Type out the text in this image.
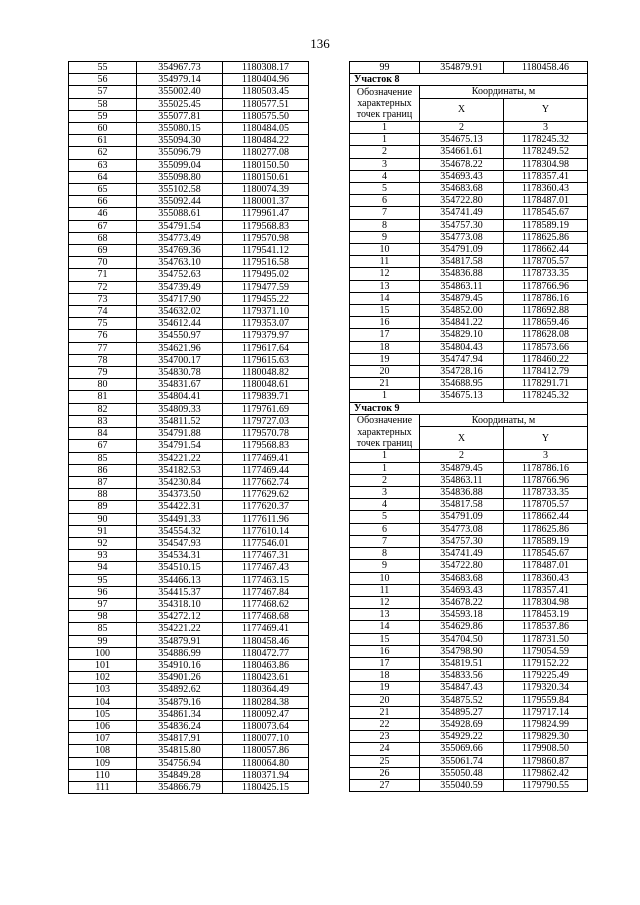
136
55	354967.73	1180308.17
56	354979.14	1180404.96
57	355002.40	1180503.45
58	355025.45	1180577.51
59	355077.81	1180575.50
60	355080.15	1180484.05
61	355094.30	1180484.22
62	355096.79	1180277.08
63	355099.04	1180150.50
64	355098.80	1180150.61
65	355102.58	1180074.39
66	355092.44	1180001.37
46	355088.61	1179961.47
67	354791.54	1179568.83
68	354773.49	1179570.98
69	354769.36	1179541.12
70	354763.10	1179516.58
71	354752.63	1179495.02
72	354739.49	1179477.59
73	354717.90	1179455.22
74	354632.02	1179371.10
75	354612.44	1179353.07
76	354550.97	1179379.97
77	354621.96	1179617.64
78	354700.17	1179615.63
79	354830.78	1180048.82
80	354831.67	1180048.61
81	354804.41	1179839.71
82	354809.33	1179761.69
83	354811.52	1179727.03
84	354791.88	1179570.78
67	354791.54	1179568.83
85	354221.22	1177469.41
86	354182.53	1177469.44
87	354230.84	1177662.74
88	354373.50	1177629.62
89	354422.31	1177620.37
90	354491.33	1177611.96
91	354554.32	1177610.14
92	354547.93	1177546.01
93	354534.31	1177467.31
94	354510.15	1177467.43
95	354466.13	1177463.15
96	354415.37	1177467.84
97	354318.10	1177468.62
98	354272.12	1177468.68
85	354221.22	1177469.41
99	354879.91	1180458.46
100	354886.99	1180472.77
101	354910.16	1180463.86
102	354901.26	1180423.61
103	354892.62	1180364.49
104	354879.16	1180284.38
105	354861.34	1180092.47
106	354836.24	1180073.64
107	354817.91	1180077.10
108	354815.80	1180057.86
109	354756.94	1180064.80
110	354849.28	1180371.94
111	354866.79	1180425.15
99	354879.91	1180458.46
Участок 8		
Обозначение характерных точек границ	Координаты, м	
	X	Y
1	2	3
1	354675.13	1178245.32
2	354661.61	1178249.52
3	354678.22	1178304.98
4	354693.43	1178357.41
5	354683.68	1178360.43
6	354722.80	1178487.01
7	354741.49	1178545.67
8	354757.30	1178589.19
9	354773.08	1178625.86
10	354791.09	1178662.44
11	354817.58	1178705.57
12	354836.88	1178733.35
13	354863.11	1178766.96
14	354879.45	1178786.16
15	354852.00	1178692.88
16	354841.22	1178659.46
17	354829.10	1178628.08
18	354804.43	1178573.66
19	354747.94	1178460.22
20	354728.16	1178412.79
21	354688.95	1178291.71
1	354675.13	1178245.32
Участок 9		
Обозначение характерных точек границ	Координаты, м	
	X	Y
1	2	3
1	354879.45	1178786.16
2	354863.11	1178766.96
3	354836.88	1178733.35
4	354817.58	1178705.57
5	354791.09	1178662.44
6	354773.08	1178625.86
7	354757.30	1178589.19
8	354741.49	1178545.67
9	354722.80	1178487.01
10	354683.68	1178360.43
11	354693.43	1178357.41
12	354678.22	1178304.98
13	354593.18	1178453.19
14	354629.86	1178537.86
15	354704.50	1178731.50
16	354798.90	1179054.59
17	354819.51	1179152.22
18	354833.56	1179225.49
19	354847.43	1179320.34
20	354875.52	1179559.84
21	354895.27	1179717.14
22	354928.69	1179824.99
23	354929.22	1179829.30
24	355069.66	1179908.50
25	355061.74	1179860.87
26	355050.48	1179862.42
27	355040.59	1179790.55
